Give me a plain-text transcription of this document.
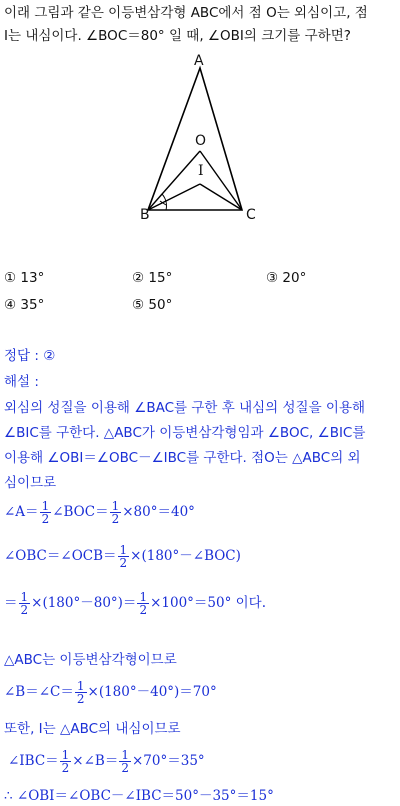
이래 그림과 같은 이등변삼각형 ABC에서 점 O는 외심이고, 점
I는 내심이다. ∠BOC＝80° 일 때, ∠OBI의 크기를 구하면?
A
O
I
B	C
① 13°	② 15°	③ 20°
④ 35°	⑤ 50°
정답 : ②
해설 :
외심의 성질을 이용해 ∠BAC를 구한 후 내심의 성질을 이용해
∠BIC를 구한다. △ABC가 이등변삼각형임과 ∠BOC, ∠BIC를
이용해 ∠OBI＝∠OBC－∠IBC를 구한다. 점O는 △ABC의 외
심이므로
∠A＝ $\frac{1}{2}$ ∠BOC＝ $\frac{1}{2} \times 80^\circ=40^\circ$
∠OBC＝∠OCB＝ $\frac{1}{2}$ ×(180°－∠BOC)
＝ $\frac{1}{2} \times(180^\circ-80^\circ)= \frac{1}{2} \times 100^\circ=50^\circ$ 이다.
△ABC는 이등변삼각형이므로
∠B＝∠C＝ $\frac{1}{2} \times(180^\circ-40^\circ)=70^\circ$
또한, I는 △ABC의 내심이므로
∠IBC＝ $\frac{1}{2}$ ×∠B＝ $\frac{1}{2} \times 70^\circ=35^\circ$
∴ ∠OBI＝∠OBC－∠IBC＝50°－35°＝15°
